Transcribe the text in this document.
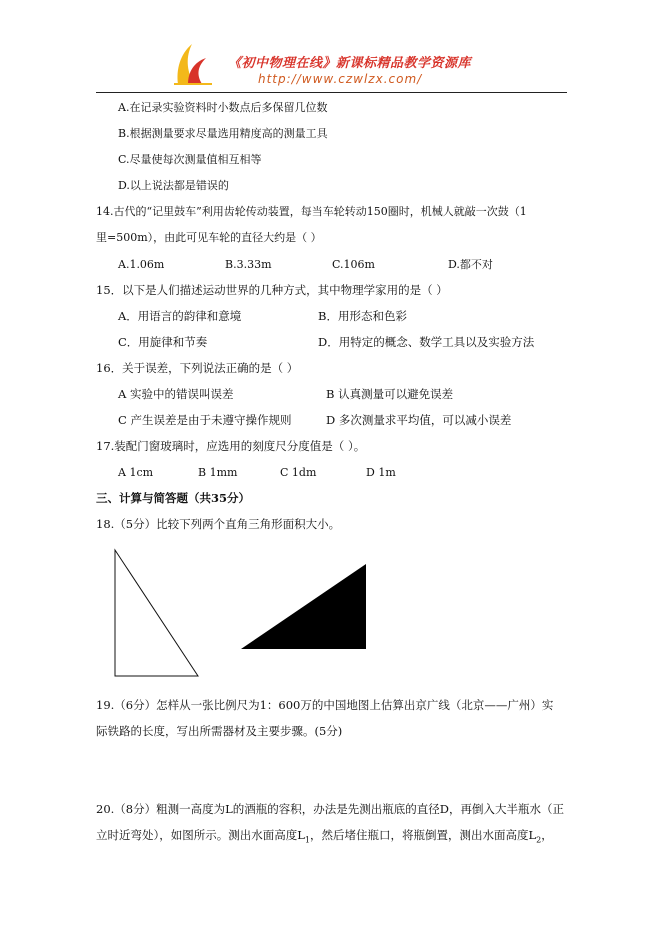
《初中物理在线》新课标精品教学资源库
http://www.czwlzx.com/
A.在记录实验资料时小数点后多保留几位数
B.根据测量要求尽量选用精度高的测量工具
C.尽量使每次测量值相互相等
D.以上说法都是错误的
14.古代的“记里鼓车”利用齿轮传动装置，每当车轮转动150圈时，机械人就敲一次鼓（1
里=500m），由此可见车轮的直径大约是（ ）
A.1.06m	B.3.33m	C.106m	D.都不对
15．以下是人们描述运动世界的几种方式，其中物理学家用的是（ ）
A．用语言的韵律和意境	B．用形态和色彩
C．用旋律和节奏	D．用特定的概念、数学工具以及实验方法
16．关于误差，下列说法正确的是（ ）
A 实验中的错误叫误差	B 认真测量可以避免误差
C 产生误差是由于未遵守操作规则	D 多次测量求平均值，可以减小误差
17.装配门窗玻璃时，应选用的刻度尺分度值是（ ）。
A 1cm	B 1mm	C 1dm	D 1m
三、计算与简答题（共35分）
18.（5分）比较下列两个直角三角形面积大小。
19.（6分）怎样从一张比例尺为1：600万的中国地图上估算出京广线（北京——广州）实
际铁路的长度，写出所需器材及主要步骤。(5分)
20.（8分）粗测一高度为L的酒瓶的容积，办法是先测出瓶底的直径D，再倒入大半瓶水（正
立时近弯处），如图所示。测出水面高度$L_1$，然后堵住瓶口，将瓶倒置，测出水面高度$L_2$，
